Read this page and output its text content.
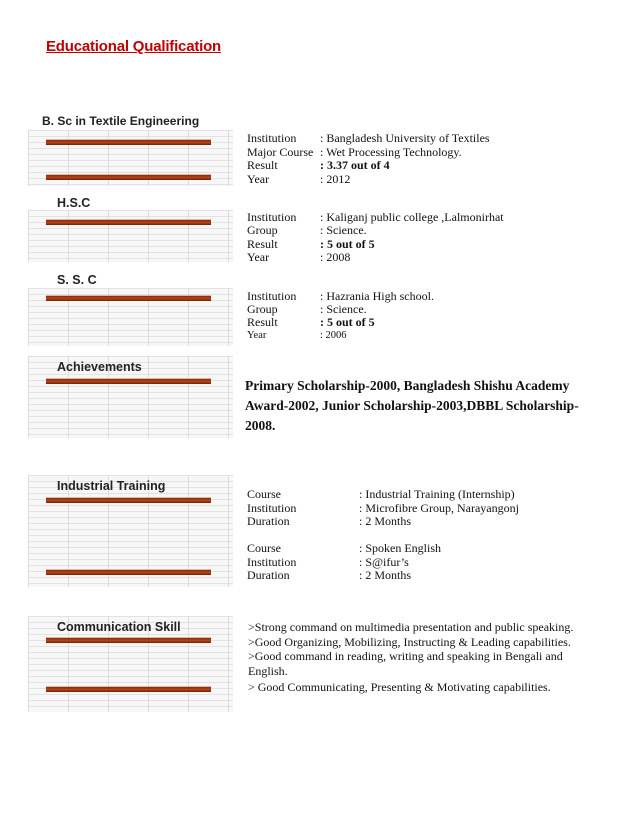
Educational Qualification
B. Sc in Textile Engineering
Institution : Bangladesh University of Textiles
Major Course : Wet Processing Technology.
Result	: 3.37 out of 4
Year	: 2012
H.S.C
Institution : Kaliganj public college ,Lalmonirhat
Group	: Science.
Result	: 5 out of 5
Year	: 2008
S. S. C
Institution : Hazrania High school.
Group	: Science.
Result	: 5 out of 5
Year	: 2006
Achievements
Primary Scholarship-2000, Bangladesh Shishu Academy Award-2002, Junior Scholarship-2003,DBBL Scholarship-2008.
Industrial Training
Course	: Industrial Training (Internship)
Institution	: Microfibre Group, Narayangonj
Duration	: 2 Months
Course	: Spoken English
Institution	: S@ifur’s
Duration	: 2 Months
Communication Skill	>Strong command on multimedia presentation and public speaking.
>Good Organizing, Mobilizing, Instructing & Leading capabilities.
>Good command in reading, writing and speaking in Bengali and English.
> Good Communicating, Presenting & Motivating capabilities.
